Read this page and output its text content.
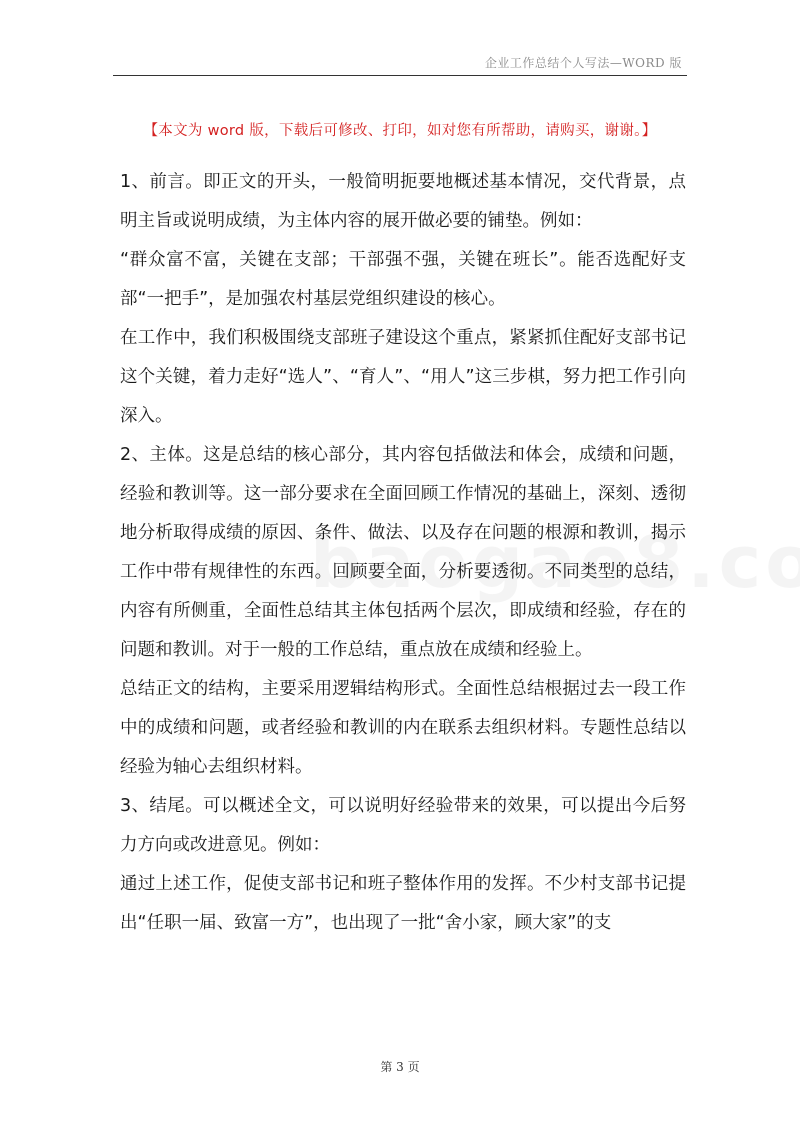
企业工作总结个人写法—WORD 版
【本文为 word 版，下载后可修改、打印，如对您有所帮助，请购买，谢谢。】

1、前言。即正文的开头，一般简明扼要地概述基本情况，交代背景，点明主旨或说明成绩，为主体内容的展开做必要的铺垫。例如：

“群众富不富，关键在支部；干部强不强，关键在班长”。能否选配好支部“一把手”，是加强农村基层党组织建设的核心。

在工作中，我们积极围绕支部班子建设这个重点，紧紧抓住配好支部书记这个关键，着力走好“选人”、“育人”、“用人”这三步棋，努力把工作引向深入。

2、主体。这是总结的核心部分，其内容包括做法和体会，成绩和问题，经验和教训等。这一部分要求在全面回顾工作情况的基础上，深刻、透彻地分析取得成绩的原因、条件、做法、以及存在问题的根源和教训，揭示工作中带有规律性的东西。回顾要全面，分析要透彻。不同类型的总结，内容有所侧重，全面性总结其主体包括两个层次，即成绩和经验，存在的问题和教训。对于一般的工作总结，重点放在成绩和经验上。

总结正文的结构，主要采用逻辑结构形式。全面性总结根据过去一段工作中的成绩和问题，或者经验和教训的内在联系去组织材料。专题性总结以经验为轴心去组织材料。

3、结尾。可以概述全文，可以说明好经验带来的效果，可以提出今后努力方向或改进意见。例如：

通过上述工作，促使支部书记和班子整体作用的发挥。不少村支部书记提出“任职一届、致富一方”，也出现了一批“舍小家，顾大家”的支

第 3 页
